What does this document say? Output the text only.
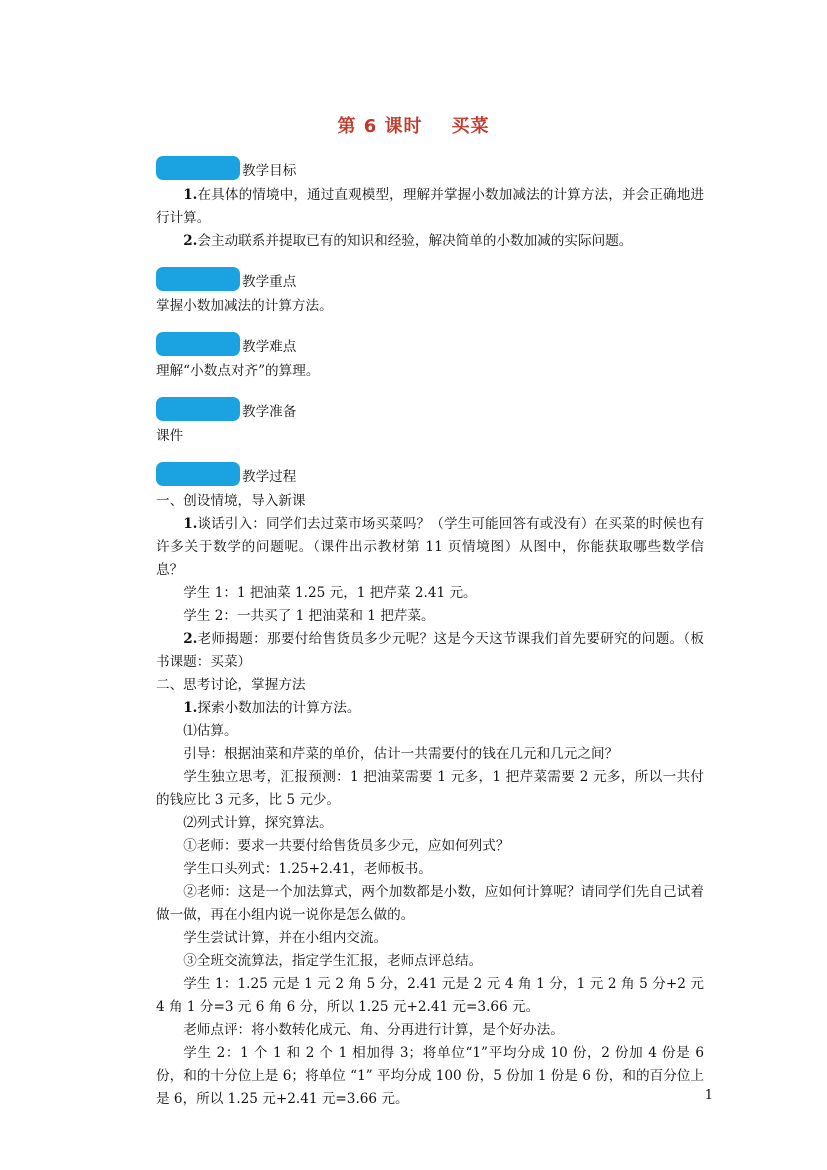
第 6 课时    买菜
教学目标

1.在具体的情境中，通过直观模型，理解并掌握小数加减法的计算方法，并会正确地进行计算。

2.会主动联系并提取已有的知识和经验，解决简单的小数加减的实际问题。

教学重点

掌握小数加减法的计算方法。

教学难点

理解“小数点对齐”的算理。

教学准备

课件

教学过程

一、创设情境，导入新课

1.谈话引入：同学们去过菜市场买菜吗？（学生可能回答有或没有）在买菜的时候也有许多关于数学的问题呢。（课件出示教材第 11 页情境图）从图中，你能获取哪些数学信息？

学生 1：1 把油菜 1.25 元，1 把芹菜 2.41 元。

学生 2：一共买了 1 把油菜和 1 把芹菜。

2.老师揭题：那要付给售货员多少元呢？这是今天这节课我们首先要研究的问题。（板书课题：买菜）

二、思考讨论，掌握方法

1.探索小数加法的计算方法。

⑴估算。

引导：根据油菜和芹菜的单价，估计一共需要付的钱在几元和几元之间？

学生独立思考，汇报预测：1 把油菜需要 1 元多，1 把芹菜需要 2 元多，所以一共付的钱应比 3 元多，比 5 元少。

⑵列式计算，探究算法。

①老师：要求一共要付给售货员多少元，应如何列式？

学生口头列式：1.25+2.41，老师板书。

②老师：这是一个加法算式，两个加数都是小数，应如何计算呢？请同学们先自己试着做一做，再在小组内说一说你是怎么做的。

学生尝试计算，并在小组内交流。

③全班交流算法，指定学生汇报，老师点评总结。

学生 1：1.25 元是 1 元 2 角 5 分，2.41 元是 2 元 4 角 1 分，1 元 2 角 5 分+2 元 4 角 1 分=3 元 6 角 6 分，所以 1.25 元+2.41 元=3.66 元。

老师点评：将小数转化成元、角、分再进行计算，是个好办法。

学生 2：1 个 1 和 2 个 1 相加得 3；将单位“1”平均分成 10 份，2 份加 4 份是 6 份，和的十分位上是 6；将单位 “1” 平均分成 100 份，5 份加 1 份是 6 份，和的百分位上是 6，所以 1.25 元+2.41 元=3.66 元。	1
